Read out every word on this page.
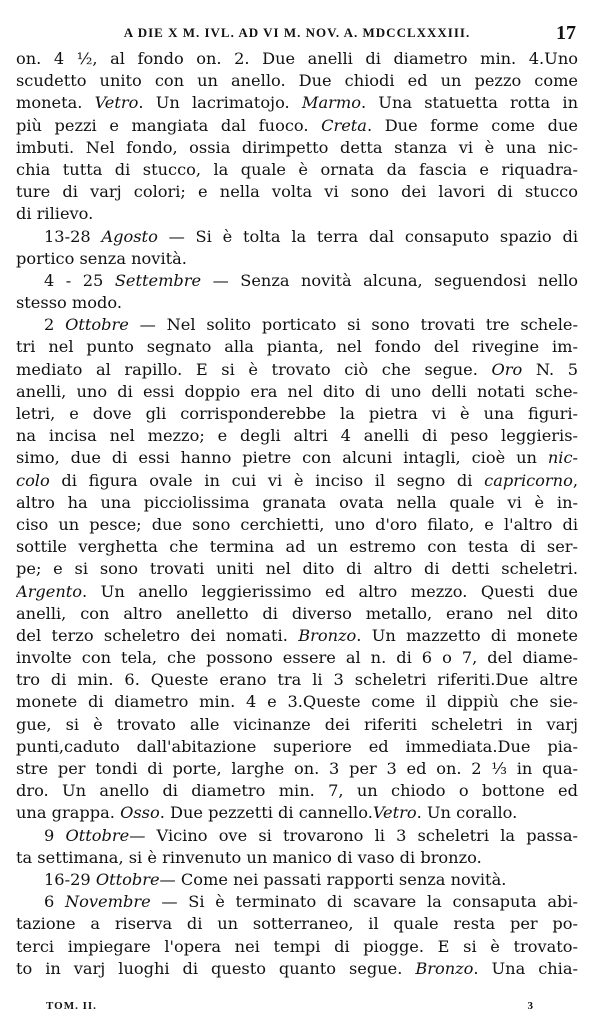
A DIE X M. IVL. AD VI M. NOV. A. MDCCLXXXIII.	17
on. 4 ½, al fondo on. 2. Due anelli di diametro min. 4.Uno
scudetto unito con un anello. Due chiodi ed un pezzo come
moneta. Vetro. Un lacrimatojo. Marmo. Una statuetta rotta in
più pezzi e mangiata dal fuoco. Creta. Due forme come due
imbuti. Nel fondo, ossia dirimpetto detta stanza vi è una nic-
chia tutta di stucco, la quale è ornata da fascia e riquadra-
ture di varj colori; e nella volta vi sono dei lavori di stucco
di rilievo.
13-28 Agosto — Si è tolta la terra dal consaputo spazio di
portico senza novità.
4 - 25 Settembre — Senza novità alcuna, seguendosi nello
stesso modo.
2 Ottobre — Nel solito porticato si sono trovati tre schele-
tri nel punto segnato alla pianta, nel fondo del rivegine im-
mediato al rapillo. E si è trovato ciò che segue. Oro N. 5
anelli, uno di essi doppio era nel dito di uno delli notati sche-
letri, e dove gli corrisponderebbe la pietra vi è una figuri-
na incisa nel mezzo; e degli altri 4 anelli di peso leggieris-
simo, due di essi hanno pietre con alcuni intagli, cioè un nic-
colo di figura ovale in cui vi è inciso il segno di capricorno,
altro ha una picciolissima granata ovata nella quale vi è in-
ciso un pesce; due sono cerchietti, uno d'oro filato, e l'altro di
sottile verghetta che termina ad un estremo con testa di ser-
pe; e si sono trovati uniti nel dito di altro di detti scheletri.
Argento. Un anello leggierissimo ed altro mezzo. Questi due
anelli, con altro anelletto di diverso metallo, erano nel dito
del terzo scheletro dei nomati. Bronzo. Un mazzetto di monete
involte con tela, che possono essere al n. di 6 o 7, del diame-
tro di min. 6. Queste erano tra li 3 scheletri riferiti.Due altre
monete di diametro min. 4 e 3.Queste come il dippiù che sie-
gue, si è trovato alle vicinanze dei riferiti scheletri in varj
punti,caduto dall'abitazione superiore ed immediata.Due pia-
stre per tondi di porte, larghe on. 3 per 3 ed on. 2 ⅓ in qua-
dro. Un anello di diametro min. 7, un chiodo o bottone ed
una grappa. Osso. Due pezzetti di cannello.Vetro. Un corallo.
9 Ottobre— Vicino ove si trovarono li 3 scheletri la passa-
ta settimana, si è rinvenuto un manico di vaso di bronzo.
16-29 Ottobre— Come nei passati rapporti senza novità.
6 Novembre — Si è terminato di scavare la consaputa abi-
tazione a riserva di un sotterraneo, il quale resta per po-
terci impiegare l'opera nei tempi di piogge. E si è trovato-
to in varj luoghi di questo quanto segue. Bronzo. Una chia-
TOM. II.	3
